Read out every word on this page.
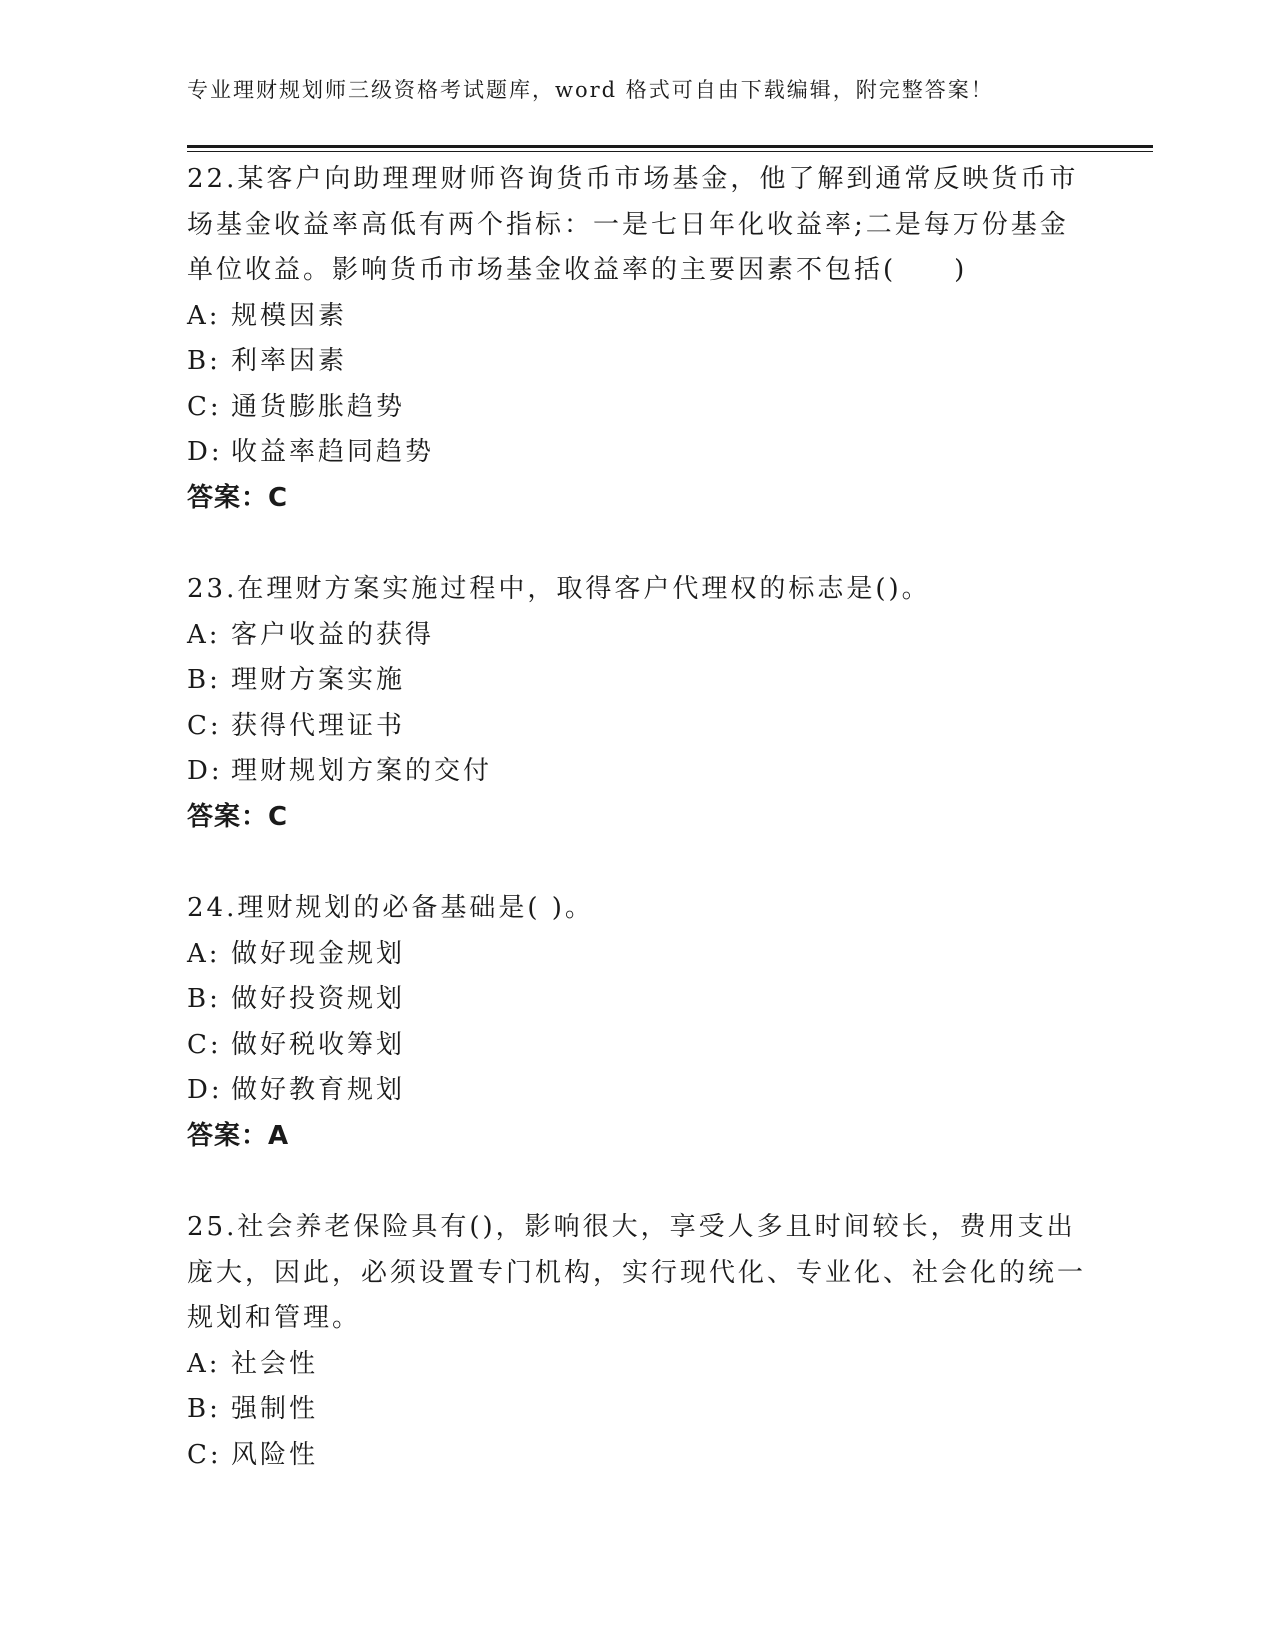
专业理财规划师三级资格考试题库，word 格式可自由下载编辑，附完整答案！

22.某客户向助理理财师咨询货币市场基金，他了解到通常反映货币市场基金收益率高低有两个指标：一是七日年化收益率;二是每万份基金单位收益。影响货币市场基金收益率的主要因素不包括(　　)

A: 规模因素
B: 利率因素
C: 通货膨胀趋势
D: 收益率趋同趋势
答案：C

23.在理财方案实施过程中，取得客户代理权的标志是()。

A: 客户收益的获得
B: 理财方案实施
C: 获得代理证书
D: 理财规划方案的交付
答案：C

24.理财规划的必备基础是( )。

A: 做好现金规划
B: 做好投资规划
C: 做好税收筹划
D: 做好教育规划
答案：A

25.社会养老保险具有()，影响很大，享受人多且时间较长，费用支出庞大，因此，必须设置专门机构，实行现代化、专业化、社会化的统一规划和管理。

A: 社会性
B: 强制性
C: 风险性
